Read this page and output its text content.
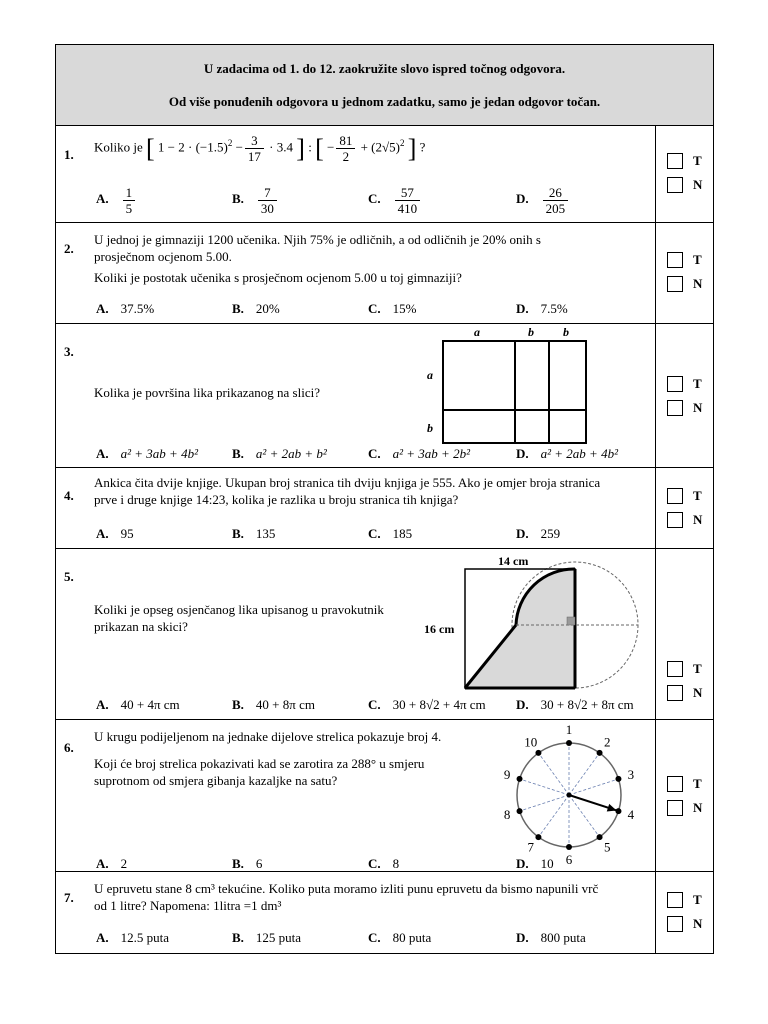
U zadacima od 1. do 12. zaokružite slovo ispred točnog odgovora.
Od više ponuđenih odgovora u jednom zadatku, samo je jedan odgovor točan.
1.
Koliko je [ $1 - 2 \cdot (-1.5)^2 - \frac{3}{17} \cdot 3.4$ ] : [ − $\frac{81}{2} + (2√5)^2$ ] ?
A. $\frac{1}{5}$	B. $\frac{7}{30}$	C. $\frac{57}{410}$	D. $\frac{26}{205}$
T
N
2.
U jednoj je gimnaziji 1200 učenika. Njih 75% je odličnih, a od odličnih je 20% onih s
prosječnom ocjenom 5.00.
Koliki je postotak učenika s prosječnom ocjenom 5.00 u toj gimnaziji?
A. 37.5%	B. 20%	C. 15%	D. 7.5%
T
N
3.
Kolika je površina lika prikazanog na slici?
a	b b
a
b
A. a² + 3ab + 4b²	B. a² + 2ab + b²	C. a² + 3ab + 2b²	D. a² + 2ab + 4b²
T
N
4.
Ankica čita dvije knjige. Ukupan broj stranica tih dviju knjiga je 555. Ako je omjer broja stranica
prve i druge knjige 14:23, kolika je razlika u broju stranica tih knjiga?
A. 95	B. 135	C. 185	D. 259
T
N
5.
Koliki je opseg osjenčanog lika upisanog u pravokutnik
prikazan na skici?
14 cm
16 cm
A. 40 + 4π cm	B. 40 + 8π cm	C. 30 + 8√2 + 4π cm D. 30 + 8√2 + 8π cm
T
N
6.
U krugu podijeljenom na jednake dijelove strelica pokazuje broj 4.
Koji će broj strelica pokazivati kad se zarotira za 288° u smjeru
suprotnom od smjera gibanja kazaljke na satu?
1
2
3
4
5
6
7
8
9
10
A. 2	B. 6	C. 8	D. 10
T
N
7.
U epruvetu stane 8 cm³ tekućine. Koliko puta moramo izliti punu epruvetu da bismo napunili vrč
od 1 litre? Napomena: 1litra =1 dm³
A. 12.5 puta	B. 125 puta	C. 80 puta	D. 800 puta
T
N
